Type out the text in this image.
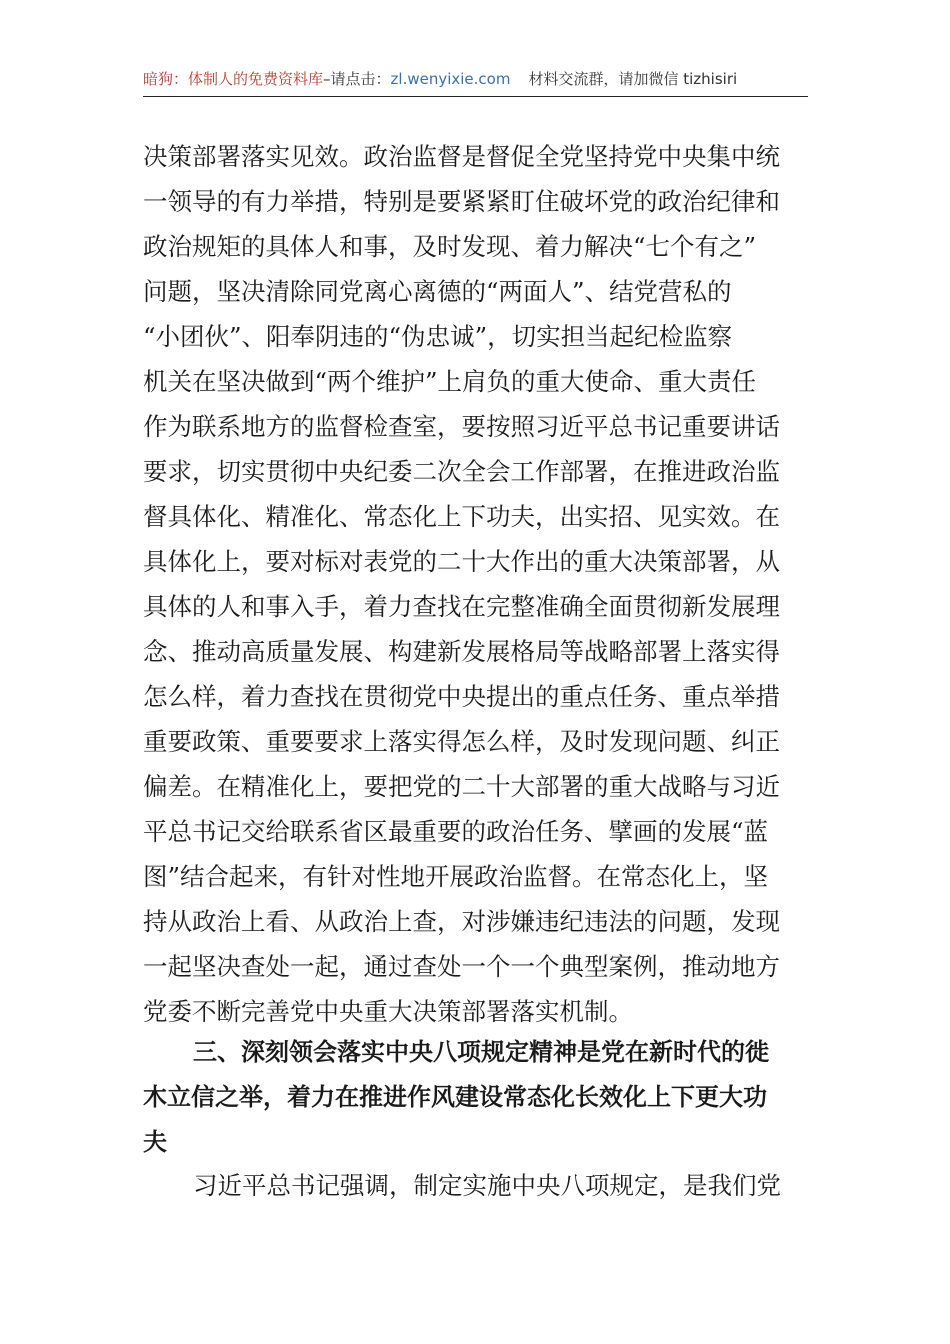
暗狗：体制人的免费资料库–请点击：zl.wenyixie.com 材料交流群，请加微信 tizhisiri
决策部署落实见效。政治监督是督促全党坚持党中央集中统
一领导的有力举措，特别是要紧紧盯住破坏党的政治纪律和
政治规矩的具体人和事，及时发现、着力解决“七个有之”
问题，坚决清除同党离心离德的“两面人”、结党营私的
“小团伙”、阳奉阴违的“伪忠诚”，切实担当起纪检监察
机关在坚决做到“两个维护”上肩负的重大使命、重大责任
作为联系地方的监督检查室，要按照习近平总书记重要讲话
要求，切实贯彻中央纪委二次全会工作部署，在推进政治监
督具体化、精准化、常态化上下功夫，出实招、见实效。在
具体化上，要对标对表党的二十大作出的重大决策部署，从
具体的人和事入手，着力查找在完整准确全面贯彻新发展理
念、推动高质量发展、构建新发展格局等战略部署上落实得
怎么样，着力查找在贯彻党中央提出的重点任务、重点举措
重要政策、重要要求上落实得怎么样，及时发现问题、纠正
偏差。在精准化上，要把党的二十大部署的重大战略与习近
平总书记交给联系省区最重要的政治任务、擘画的发展“蓝
图”结合起来，有针对性地开展政治监督。在常态化上，坚
持从政治上看、从政治上查，对涉嫌违纪违法的问题，发现
一起坚决查处一起，通过查处一个一个典型案例，推动地方
党委不断完善党中央重大决策部署落实机制。
三、深刻领会落实中央八项规定精神是党在新时代的徙
木立信之举，着力在推进作风建设常态化长效化上下更大功
夫
习近平总书记强调，制定实施中央八项规定，是我们党
